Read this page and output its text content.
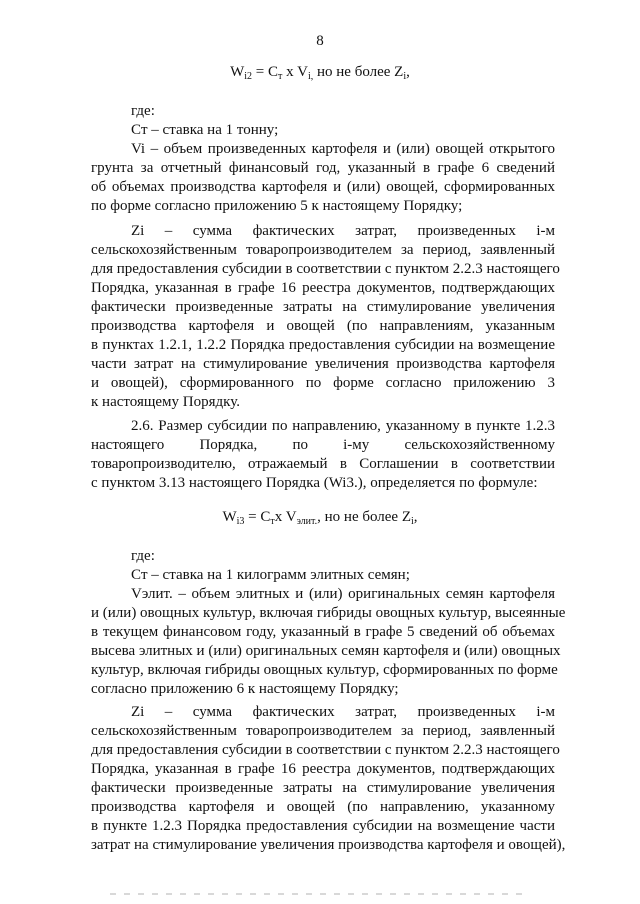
8
$W_{i2} = C_т$ x $V_{i,}$ но не более $Z_i$,
где:
Cт – ставка на 1 тонну;
Vi – объем произведенных картофеля и (или) овощей открытого
грунта за отчетный финансовый год, указанный в графе 6 сведений
об объемах производства картофеля и (или) овощей, сформированных
по форме согласно приложению 5 к настоящему Порядку;
Zi – сумма фактических затрат, произведенных i-м
сельскохозяйственным товаропроизводителем за период, заявленный
для предоставления субсидии в соответствии с пунктом 2.2.3 настоящего
Порядка, указанная в графе 16 реестра документов, подтверждающих
фактически произведенные затраты на стимулирование увеличения
производства картофеля и овощей (по направлениям, указанным
в пунктах 1.2.1, 1.2.2 Порядка предоставления субсидии на возмещение
части затрат на стимулирование увеличения производства картофеля
и овощей), сформированного по форме согласно приложению 3
к настоящему Порядку.
2.6. Размер субсидии по направлению, указанному в пункте 1.2.3
настоящего Порядка, по i-му сельскохозяйственному
товаропроизводителю, отражаемый в Соглашении в соответствии
с пунктом 3.13 настоящего Порядка (Wi3.), определяется по формуле:
$W_{i3} = C_тx$ $V_{элит.}$, но не более $Z_i$,
где:
Cт – ставка на 1 килограмм элитных семян;
Vэлит. – объем элитных и (или) оригинальных семян картофеля
и (или) овощных культур, включая гибриды овощных культур, высеянные
в текущем финансовом году, указанный в графе 5 сведений об объемах
высева элитных и (или) оригинальных семян картофеля и (или) овощных
культур, включая гибриды овощных культур, сформированных по форме
согласно приложению 6 к настоящему Порядку;
Zi – сумма фактических затрат, произведенных i-м
сельскохозяйственным товаропроизводителем за период, заявленный
для предоставления субсидии в соответствии с пунктом 2.2.3 настоящего
Порядка, указанная в графе 16 реестра документов, подтверждающих
фактически произведенные затраты на стимулирование увеличения
производства картофеля и овощей (по направлению, указанному
в пункте 1.2.3 Порядка предоставления субсидии на возмещение части
затрат на стимулирование увеличения производства картофеля и овощей),
